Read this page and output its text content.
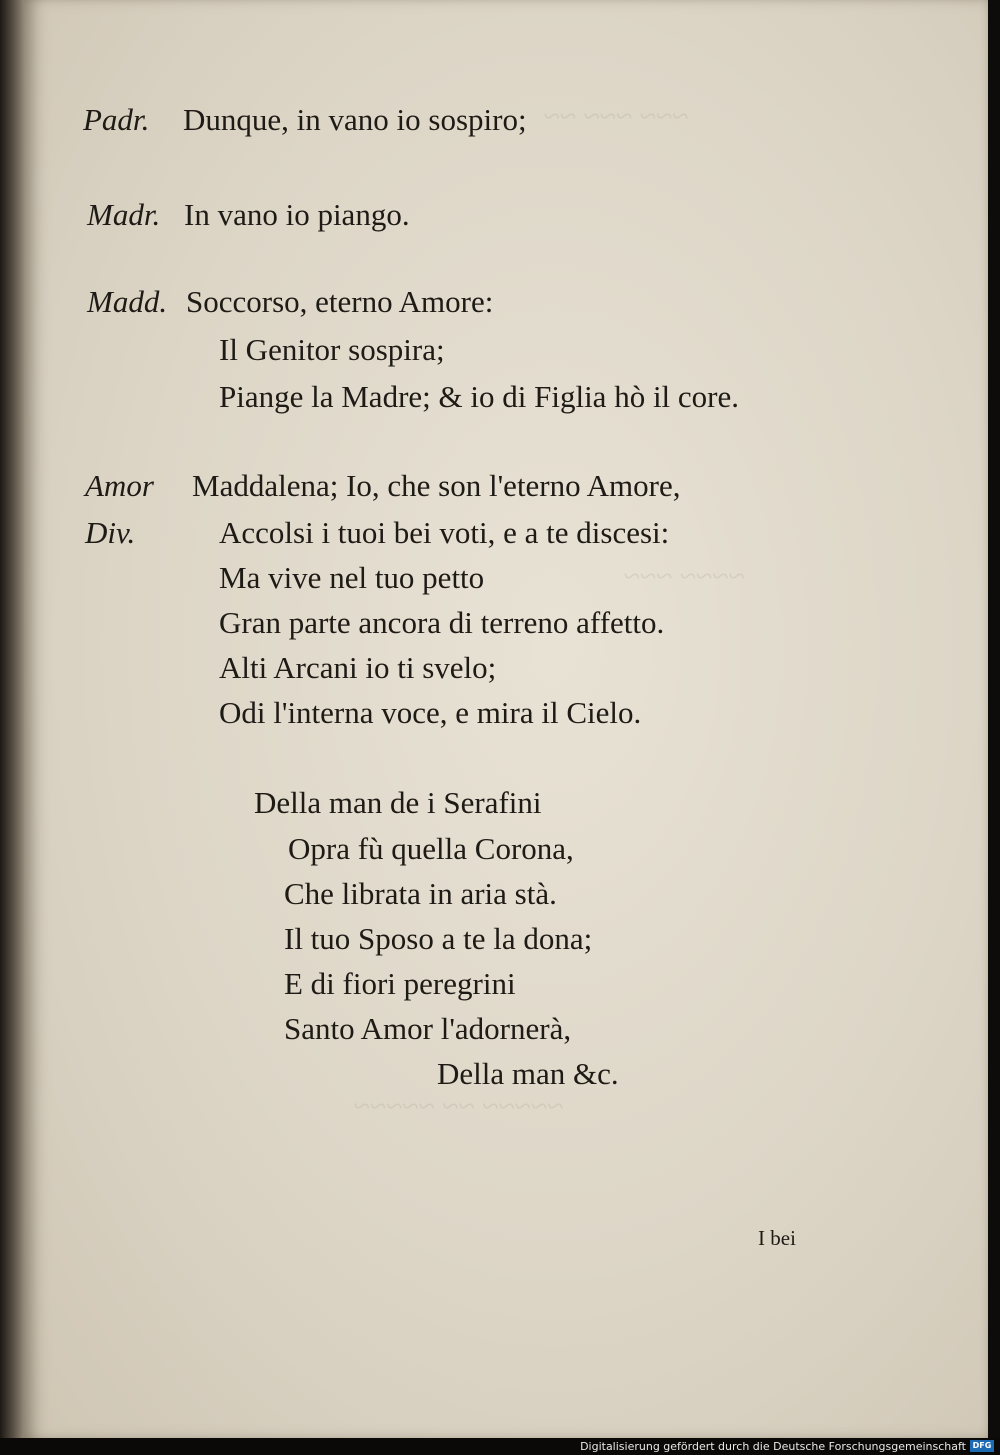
~~~ ~~~ ~~
~~~~ ~~~
~~~~~ ~~ ~~~~~
Padr. Dunque, in vano io sospiro;
Madr. In vano io piango.
Madd. Soccorso, eterno Amore:
Il Genitor sospira;
Piange la Madre; & io di Figlia hò il core.
Amor Maddalena; Io, che son l'eterno Amore,
Div.	Accolsi i tuoi bei voti, e a te discesi:
Ma vive nel tuo petto
Gran parte ancora di terreno affetto.
Alti Arcani io ti svelo;
Odi l'interna voce, e mira il Cielo.
Della man de i Serafini
Opra fù quella Corona,
Che librata in aria stà.
Il tuo Sposo a te la dona;
E di fiori peregrini
Santo Amor l'adornerà,
Della man &c.
I bei
Digitalisierung gefördert durch die Deutsche Forschungsgemeinschaft DFG
